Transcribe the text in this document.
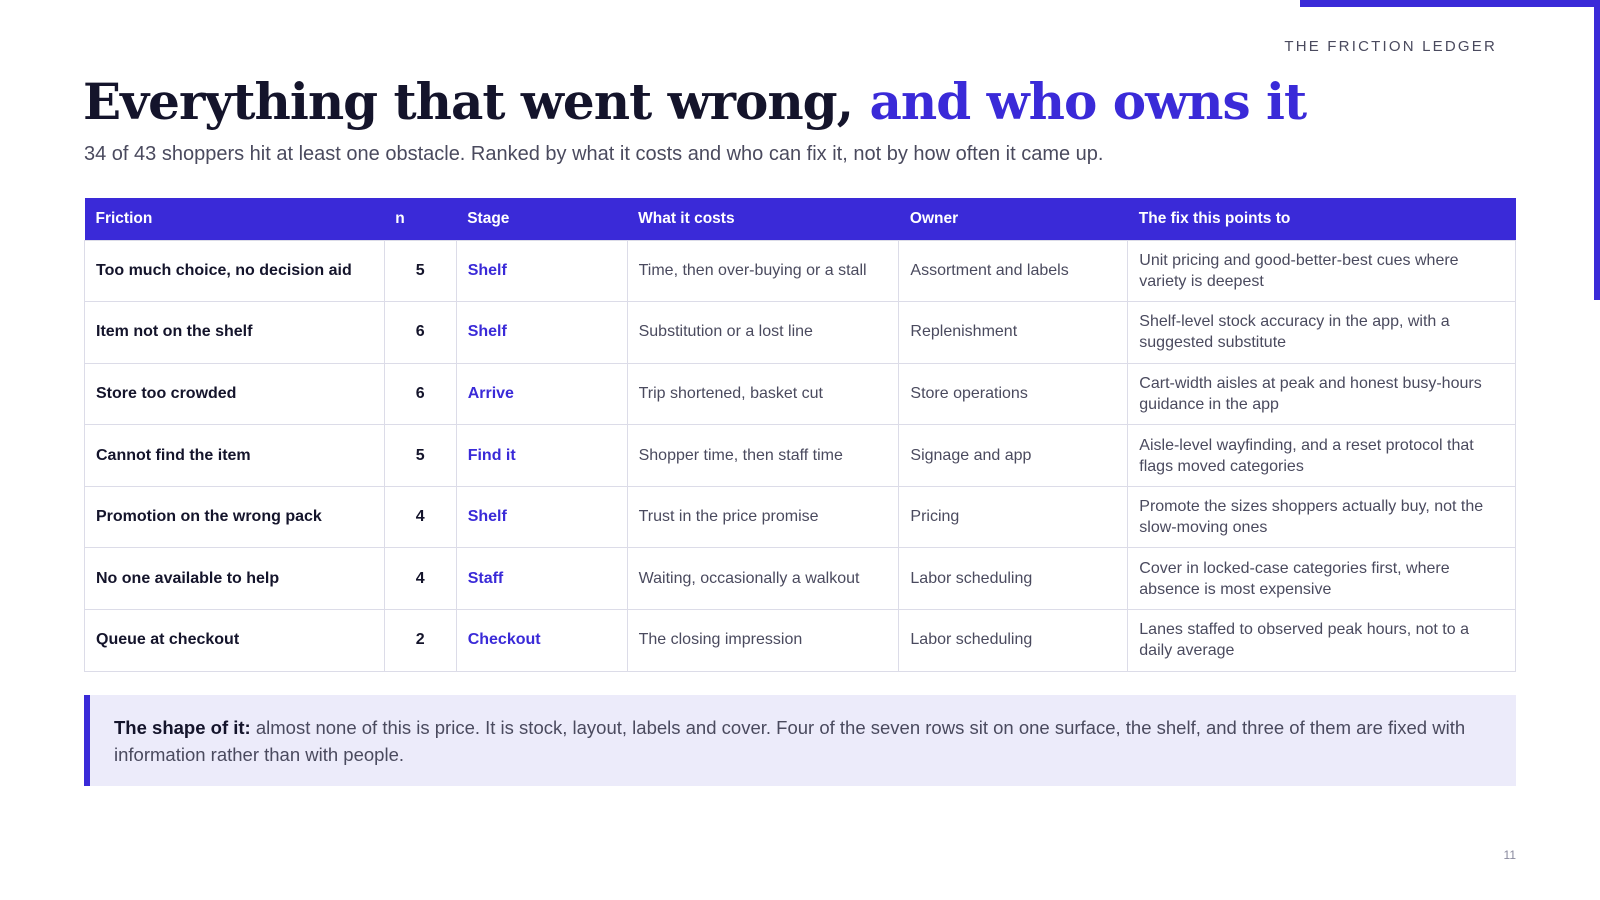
THE FRICTION LEDGER
Everything that went wrong, and who owns it

34 of 43 shoppers hit at least one obstacle. Ranked by what it costs and who can fix it, not by how often it came up.

Friction	n	Stage	What it costs	Owner	The fix this points to
Too much choice, no decision aid	5	Shelf	Time, then over-buying or a stall	Assortment and labels	Unit pricing and good-better-best cues where variety is deepest
Item not on the shelf	6	Shelf	Substitution or a lost line	Replenishment	Shelf-level stock accuracy in the app, with a suggested substitute
Store too crowded	6	Arrive	Trip shortened, basket cut	Store operations	Cart-width aisles at peak and honest busy-hours guidance in the app
Cannot find the item	5	Find it	Shopper time, then staff time	Signage and app	Aisle-level wayfinding, and a reset protocol that flags moved categories
Promotion on the wrong pack	4	Shelf	Trust in the price promise	Pricing	Promote the sizes shoppers actually buy, not the slow-moving ones
No one available to help	4	Staff	Waiting, occasionally a walkout	Labor scheduling	Cover in locked-case categories first, where absence is most expensive
Queue at checkout	2	Checkout	The closing impression	Labor scheduling	Lanes staffed to observed peak hours, not to a daily average
The shape of it: almost none of this is price. It is stock, layout, labels and cover. Four of the seven rows sit on one surface, the shelf, and three of them are fixed with information rather than with people.
11
